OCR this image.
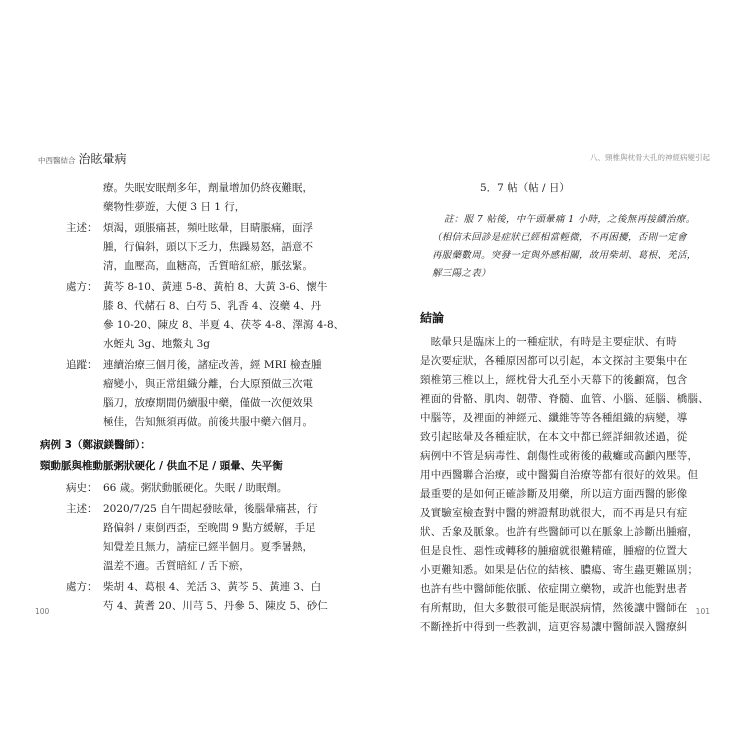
中西醫結合 治眩暈病
療。失眠安眠劑多年，劑量增加仍終夜難眠，
藥物性夢遊，大便 3 日 1 行，
主述： 煩渴，頭脹痛甚，頻吐眩暈，目睛脹痛，面浮
腫，行偏斜，頭以下乏力，焦躁易怒，語意不
清，血壓高，血糖高，舌質暗紅瘀，脈弦緊。
處方： 黃芩 8-10、黃連 5-8、黃柏 8、大黃 3-6、懷牛
膝 8、代赭石 8、白芍 5、乳香 4、沒藥 4、丹
參 10-20、陳皮 8、半夏 4、茯苓 4-8、澤瀉 4-8、
水蛭丸 3g、地鱉丸 3g
追蹤： 連續治療三個月後，諸症改善，經 MRI 檢查腫
瘤變小，與正常組織分離，台大原預做三次電
腦刀，放療期間仍續服中藥，僅做一次便效果
極佳，告知無須再做。前後共服中藥六個月。
病例 3（鄭淑鎂醫師）：
頸動脈與椎動脈粥狀硬化 / 供血不足 / 頭暈、失平衡
病史： 66 歲。粥狀動脈硬化。失眠 / 助眠劑。
主述： 2020/7/25 自午間起發眩暈，後腦暈痛甚，行
路偏斜 / 東倒西歪，至晚間 9 點方緩解，手足
知覺差且無力，請症已經半個月。夏季暑熱，
溫差不適。舌質暗紅 / 舌下瘀，
處方： 柴胡 4、葛根 4、羌活 3、黃芩 5、黃連 3、白
芍 4、黃耆 20、川芎 5、丹參 5、陳皮 5、砂仁
100
八、頸椎與枕骨大孔的神經病變引起
101
5．7 帖（帖 / 日）
註：服 7 帖後，中午頭暈痛 1 小時，之後無再接續治療。
（相信未回診是症狀已經相當輕微，不再困擾，否則一定會
再服藥數周。突發一定與外感相關，故用柴胡、葛根、羌活，
解三陽之表）
結論
　眩暈只是臨床上的一種症狀，有時是主要症狀、有時
是次要症狀，各種原因都可以引起，本文探討主要集中在
頸椎第三椎以上，經枕骨大孔至小天幕下的後顱窩，包含
裡面的骨骼、肌肉、韌帶、脊髓、血管、小腦、延腦、橋腦、
中腦等，及裡面的神經元、纖維等等各種組織的病變，導
致引起眩暈及各種症狀，在本文中都已經詳細敘述過，從
病例中不管是病毒性、創傷性或術後的截癱或高顱內壓等，
用中西醫聯合治療，或中醫獨自治療等都有很好的效果。但
最重要的是如何正確診斷及用藥，所以這方面西醫的影像
及實驗室檢查對中醫的辨證幫助就很大，而不再是只有症
狀、舌象及脈象。也許有些醫師可以在脈象上診斷出腫瘤，
但是良性、惡性或轉移的腫瘤就很難精確，腫瘤的位置大
小更難知悉。如果是佔位的結核、膿瘍、寄生蟲更難區別；
也許有些中醫師能依脈、依症開立藥物，或許也能對患者
有所幫助，但大多數很可能是眠誤病情，然後讓中醫師在
不斷挫折中得到一些教訓，這更容易讓中醫師誤入醫療糾
